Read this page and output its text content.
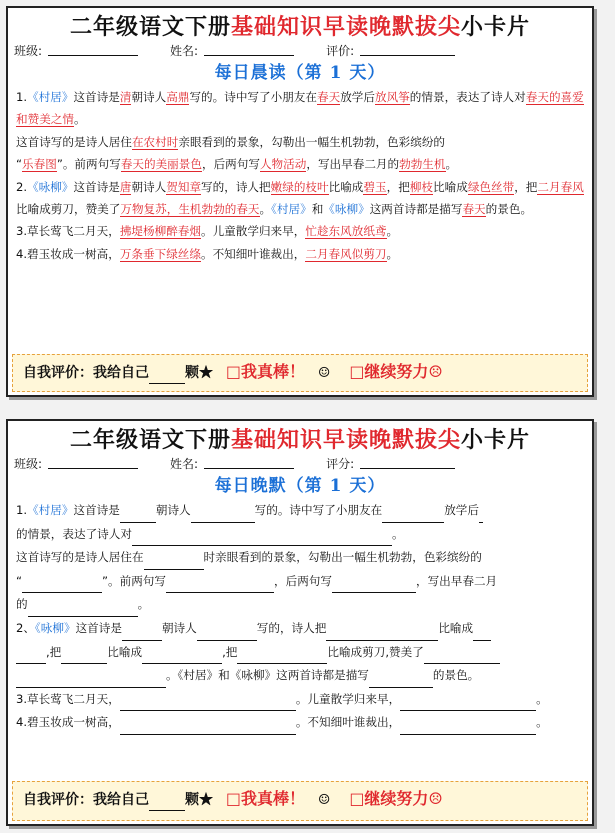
二年级语文下册基础知识早读晚默拔尖小卡片
班级:	姓名:	评价:
每日晨读（第 1 天）

1.《村居》这首诗是清朝诗人高鼎写的。诗中写了小朋友在春天放学后放风筝的情景，表达了诗人对春天的喜爱和赞美之情。
这首诗写的是诗人居住在农村时亲眼看到的景象，勾勒出一幅生机勃勃，色彩缤纷的
“乐春图”。前两句写春天的美丽景色，后两句写人物活动，写出早春二月的勃勃生机。

2.《咏柳》这首诗是唐朝诗人贺知章写的，诗人把嫩绿的枝叶比喻成碧玉，把柳枝比喻成绿色丝带，把二月春风比喻成剪刀，赞美了万物复苏，生机勃勃的春天。《村居》和《咏柳》这两首诗都是描写春天的景色。

3.草长莺飞二月天，拂堤杨柳醉春烟。儿童散学归来早，忙趁东风放纸鸢。

4.碧玉妆成一树高，万条垂下绿丝绦。不知细叶谁裁出，二月春风似剪刀。

自我评价：我给自己	颗★ □我真棒！ ☺ □继续努力☹
二年级语文下册基础知识早读晚默拔尖小卡片
班级:	姓名:	评分:
每日晚默（第 1 天）

1.《村居》这首诗是	朝诗人	写的。诗中写了小朋友在	放学后
的情景，表达了诗人对	。
这首诗写的是诗人居住在	时亲眼看到的景象，勾勒出一幅生机勃勃，色彩缤纷的
“	”。前两句写	，后两句写	，写出早春二月
的	。

2、《咏柳》这首诗是	朝诗人	写的，诗人把	比喻成
,把	比喻成	,把	比喻成剪刀,赞美了
。《村居》和《咏柳》这两首诗都是描写	的景色。

3.草长莺飞二月天，	。儿童散学归来早，	。

4.碧玉妆成一树高，	。不知细叶谁裁出，	。

自我评价：我给自己	颗★ □我真棒！ ☺ □继续努力☹
